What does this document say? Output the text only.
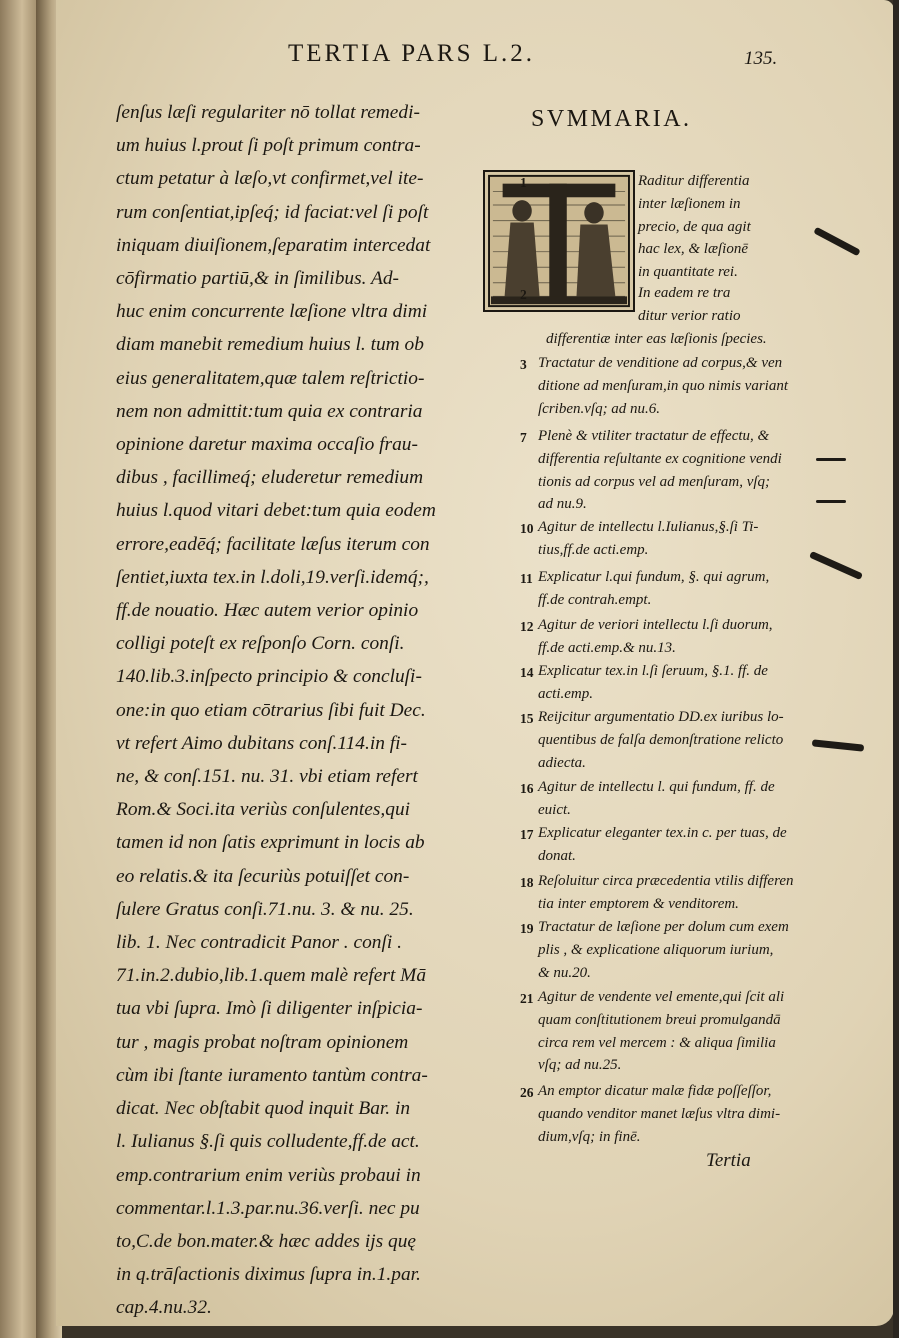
TERTIA PARS L.2.	135.
ſenſus læſi regulariter nō tollat remedi-
um huius l.prout ſi poſt primum contra-
ctum petatur à læſo,vt confirmet,vel ite-
rum conſentiat,ipſeq́; id faciat:vel ſi poſt
iniquam diuiſionem,ſeparatim intercedat
cōfirmatio partiū,& in ſimilibus. Ad-
huc enim concurrente læſione vltra dimi
diam manebit remedium huius l. tum ob
eius generalitatem,quæ talem reſtrictio-
nem non admittit:tum quia ex contraria
opinione daretur maxima occaſio frau-
dibus , facillimeq́; eluderetur remedium
huius l.quod vitari debet:tum quia eodem
errore,eadēq́; facilitate læſus iterum con
ſentiet,iuxta tex.in l.doli,19.verſi.idemq́;,
ff.de nouatio. Hæc autem verior opinio
colligi poteſt ex reſponſo Corn. conſi.
140.lib.3.inſpecto principio & concluſi-
one:in quo etiam cōtrarius ſibi fuit Dec.
vt refert Aimo dubitans conſ.114.in fi-
ne, & conſ.151. nu. 31. vbi etiam refert
Rom.& Soci.ita veriùs conſulentes,qui
tamen id non ſatis exprimunt in locis ab
eo relatis.& ita ſecuriùs potuiſſet con-
ſulere Gratus conſi.71.nu. 3. & nu. 25.
lib. 1. Nec contradicit Panor . conſi .
71.in.2.dubio,lib.1.quem malè refert Mā
tua vbi ſupra. Imò ſi diligenter inſpicia-
tur , magis probat noſtram opinionem
cùm ibi ſtante iuramento tantùm contra-
dicat. Nec obſtabit quod inquit Bar. in
l. Iulianus §.ſi quis colludente,ff.de act.
emp.contrarium enim veriùs probaui in
commentar.l.1.3.par.nu.36.verſi. nec pu
to,C.de bon.mater.& hæc addes ijs quę
in q.trāſactionis diximus ſupra in.1.par.
cap.4.nu.32.
SVMMARIA.
1	Raditur differentia
inter læſionem in
precio, de qua agit
hac lex, & læſionē
in quantitate rei.
2	In eadem re tra
ditur verior ratio
differentiæ inter eas læſionis ſpecies.
3 Tractatur de venditione ad corpus,& ven
ditione ad menſuram,in quo nimis variant
ſcriben.vſq; ad nu.6.
7 Plenè & vtiliter tractatur de effectu, &
differentia reſultante ex cognitione vendi
tionis ad corpus vel ad menſuram, vſq;
ad nu.9.
10 Agitur de intellectu l.Iulianus,§.ſi Ti-
tius,ff.de acti.emp.
11 Explicatur l.qui fundum, §. qui agrum,
ff.de contrah.empt.
12 Agitur de veriori intellectu l.ſi duorum,
ff.de acti.emp.& nu.13.
14 Explicatur tex.in l.ſi ſeruum, §.1. ff. de
acti.emp.
15 Reijcitur argumentatio DD.ex iuribus lo-
quentibus de falſa demonſtratione relicto
adiecta.
16 Agitur de intellectu l. qui fundum, ff. de
euict.
17 Explicatur eleganter tex.in c. per tuas, de
donat.
18 Reſoluitur circa præcedentia vtilis differen
tia inter emptorem & venditorem.
19 Tractatur de læſione per dolum cum exem
plis , & explicatione aliquorum iurium,
& nu.20.
21 Agitur de vendente vel emente,qui ſcit ali
quam conſtitutionem breui promulgandā
circa rem vel mercem : & aliqua ſimilia
vſq; ad nu.25.
26 An emptor dicatur malæ fidæ poſſeſſor,
quando venditor manet læſus vltra dimi-
dium,vſq; in finē.
Tertia
